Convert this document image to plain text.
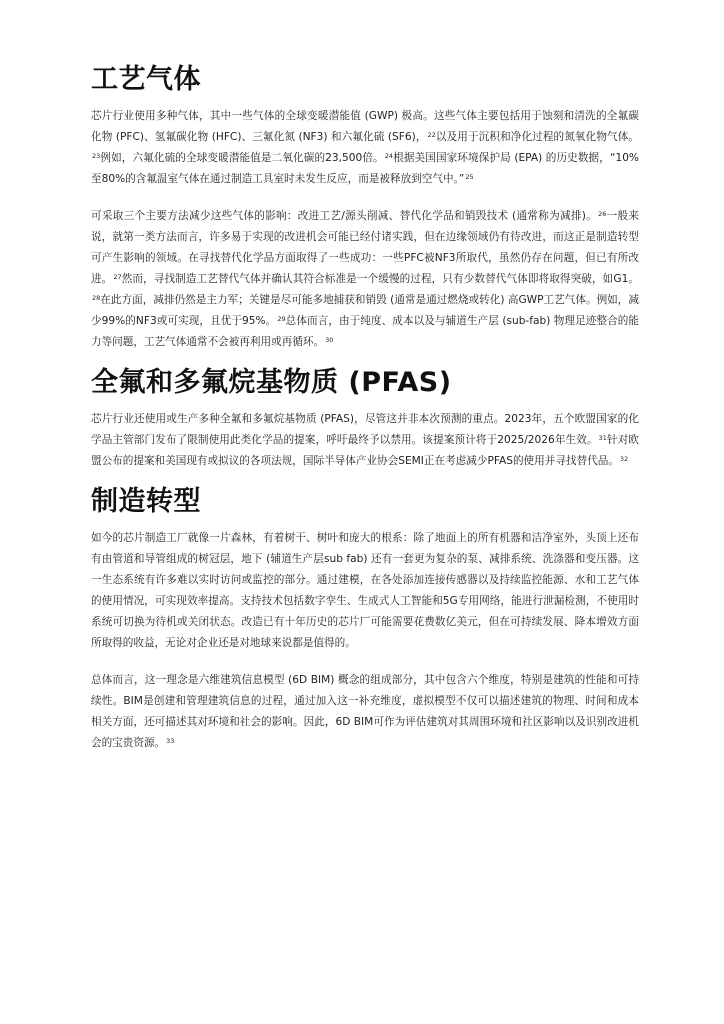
工艺气体

芯片行业使用多种气体，其中一些气体的全球变暖潜能值 (GWP) 极高。这些气体主要包括用于蚀刻和清洗的全氟碳化物 (PFC)、氢氟碳化物 (HFC)、三氟化氮 (NF3) 和六氟化硫 (SF6)，$^{22}$以及用于沉积和净化过程的氮氧化物气体。$^{23}$例如，六氟化硫的全球变暖潜能值是二氧化碳的23,500倍。$^{24}$根据美国国家环境保护局 (EPA) 的历史数据，“10%至80%的含氟温室气体在通过制造工具室时未发生反应，而是被释放到空气中。”$^{25}$

可采取三个主要方法减少这些气体的影响：改进工艺/源头削减、替代化学品和销毁技术 (通常称为减排)。$^{26}$一般来说，就第一类方法而言，许多易于实现的改进机会可能已经付诸实践，但在边缘领域仍有待改进，而这正是制造转型可产生影响的领域。在寻找替代化学品方面取得了一些成功：一些PFC被NF3所取代，虽然仍存在问题，但已有所改进。$^{27}$然而，寻找制造工艺替代气体并确认其符合标准是一个缓慢的过程，只有少数替代气体即将取得突破，如G1。$^{28}$在此方面，减排仍然是主力军；关键是尽可能多地捕获和销毁 (通常是通过燃烧或转化) 高GWP工艺气体。例如，减少99%的NF3或可实现，且优于95%。$^{29}$总体而言，由于纯度、成本以及与辅道生产层 (sub-fab) 物理足迹整合的能力等问题，工艺气体通常不会被再利用或再循环。$^{30}$

全氟和多氟烷基物质 (PFAS)

芯片行业还使用或生产多种全氟和多氟烷基物质 (PFAS)，尽管这并非本次预测的重点。2023年，五个欧盟国家的化学品主管部门发布了限制使用此类化学品的提案，呼吁最终予以禁用。该提案预计将于2025/2026年生效。$^{31}$针对欧盟公布的提案和美国现有或拟议的各项法规，国际半导体产业协会SEMI正在考虑减少PFAS的使用并寻找替代品。$^{32}$

制造转型

如今的芯片制造工厂就像一片森林，有着树干、树叶和庞大的根系：除了地面上的所有机器和洁净室外，头顶上还布有由管道和导管组成的树冠层，地下 (辅道生产层sub fab) 还有一套更为复杂的泵、减排系统、洗涤器和变压器。这一生态系统有许多难以实时访问或监控的部分。通过建模，在各处添加连接传感器以及持续监控能源、水和工艺气体的使用情况，可实现效率提高。支持技术包括数字孪生、生成式人工智能和5G专用网络，能进行泄漏检测，不使用时系统可切换为待机或关闭状态。改造已有十年历史的芯片厂可能需要花费数亿美元，但在可持续发展、降本增效方面所取得的收益，无论对企业还是对地球来说都是值得的。

总体而言，这一理念是六维建筑信息模型 (6D BIM) 概念的组成部分，其中包含六个维度，特别是建筑的性能和可持续性。BIM是创建和管理建筑信息的过程，通过加入这一补充维度，虚拟模型不仅可以描述建筑的物理、时间和成本相关方面，还可描述其对环境和社会的影响。因此，6D BIM可作为评估建筑对其周围环境和社区影响以及识别改进机会的宝贵资源。$^{33}$
